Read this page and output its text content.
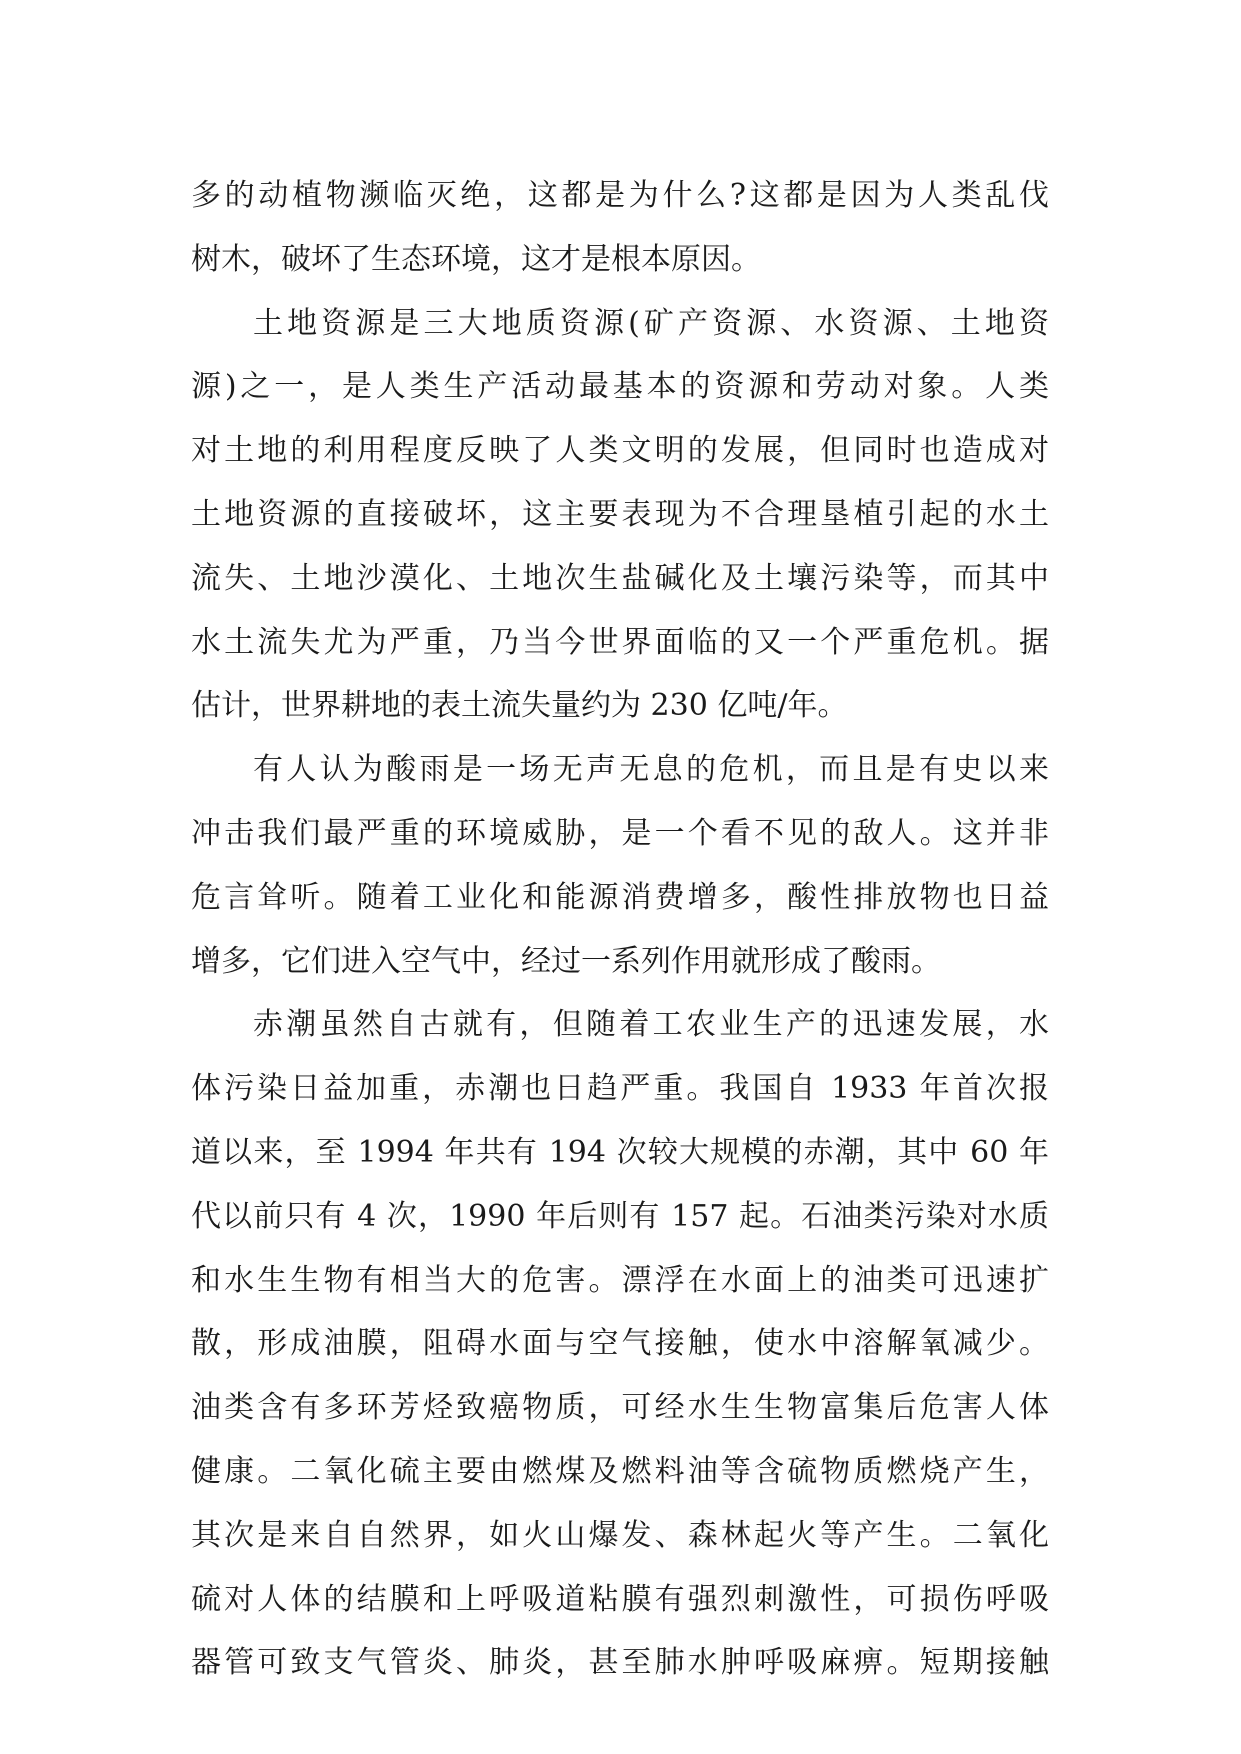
多的动植物濒临灭绝，这都是为什么?这都是因为人类乱伐
树木，破坏了生态环境，这才是根本原因。
土地资源是三大地质资源(矿产资源、水资源、土地资
源)之一，是人类生产活动最基本的资源和劳动对象。人类
对土地的利用程度反映了人类文明的发展，但同时也造成对
土地资源的直接破坏，这主要表现为不合理垦植引起的水土
流失、土地沙漠化、土地次生盐碱化及土壤污染等，而其中
水土流失尤为严重，乃当今世界面临的又一个严重危机。据
估计，世界耕地的表土流失量约为 230 亿吨/年。
有人认为酸雨是一场无声无息的危机，而且是有史以来
冲击我们最严重的环境威胁，是一个看不见的敌人。这并非
危言耸听。随着工业化和能源消费增多，酸性排放物也日益
增多，它们进入空气中，经过一系列作用就形成了酸雨。
赤潮虽然自古就有，但随着工农业生产的迅速发展，水
体污染日益加重，赤潮也日趋严重。我国自 1933 年首次报
道以来，至 1994 年共有 194 次较大规模的赤潮，其中 60 年
代以前只有 4 次，1990 年后则有 157 起。石油类污染对水质
和水生生物有相当大的危害。漂浮在水面上的油类可迅速扩
散，形成油膜，阻碍水面与空气接触，使水中溶解氧减少。
油类含有多环芳烃致癌物质，可经水生生物富集后危害人体
健康。二氧化硫主要由燃煤及燃料油等含硫物质燃烧产生，
其次是来自自然界，如火山爆发、森林起火等产生。二氧化
硫对人体的结膜和上呼吸道粘膜有强烈刺激性，可损伤呼吸
器管可致支气管炎、肺炎，甚至肺水肿呼吸麻痹。短期接触
